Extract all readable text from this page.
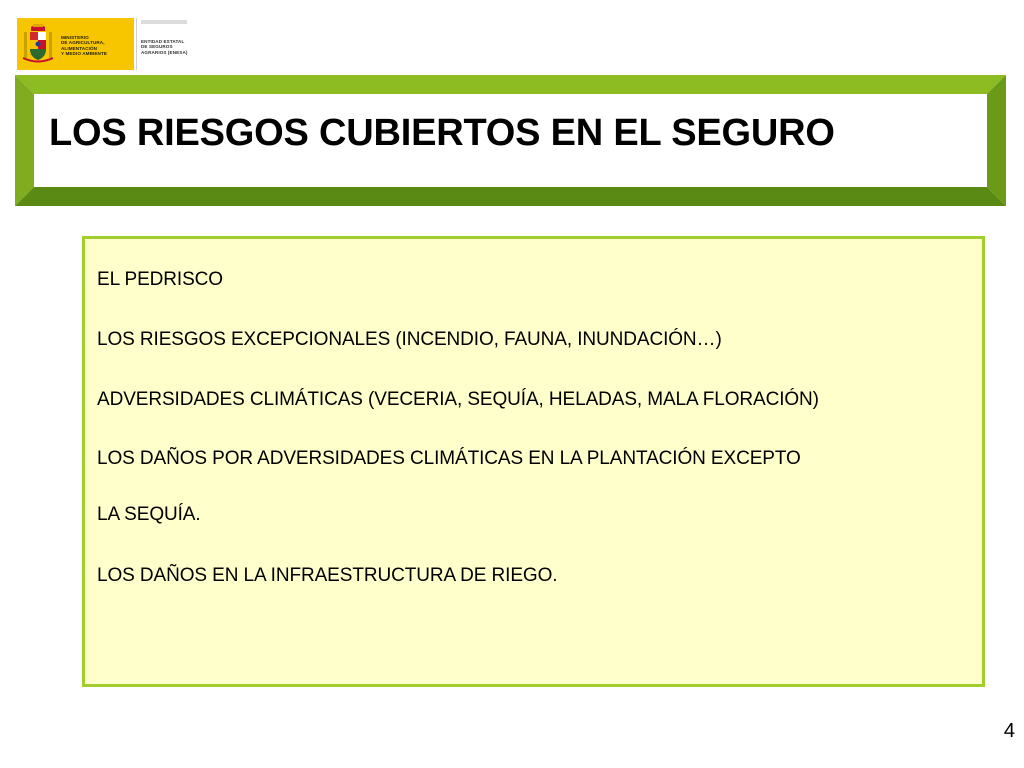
MINISTERIO
DE AGRICULTURA, ALIMENTACIÓN
Y MEDIO AMBIENTE
ENTIDAD ESTATAL
DE SEGUROS
AGRARIOS (ENESA)
LOS RIESGOS CUBIERTOS EN EL SEGURO

EL PEDRISCO

LOS RIESGOS EXCEPCIONALES (INCENDIO, FAUNA, INUNDACIÓN…)

ADVERSIDADES CLIMÁTICAS (VECERIA, SEQUÍA, HELADAS, MALA FLORACIÓN)

LOS DAÑOS POR ADVERSIDADES CLIMÁTICAS EN LA PLANTACIÓN EXCEPTO

LA SEQUÍA.

LOS DAÑOS EN LA INFRAESTRUCTURA DE RIEGO.

4
